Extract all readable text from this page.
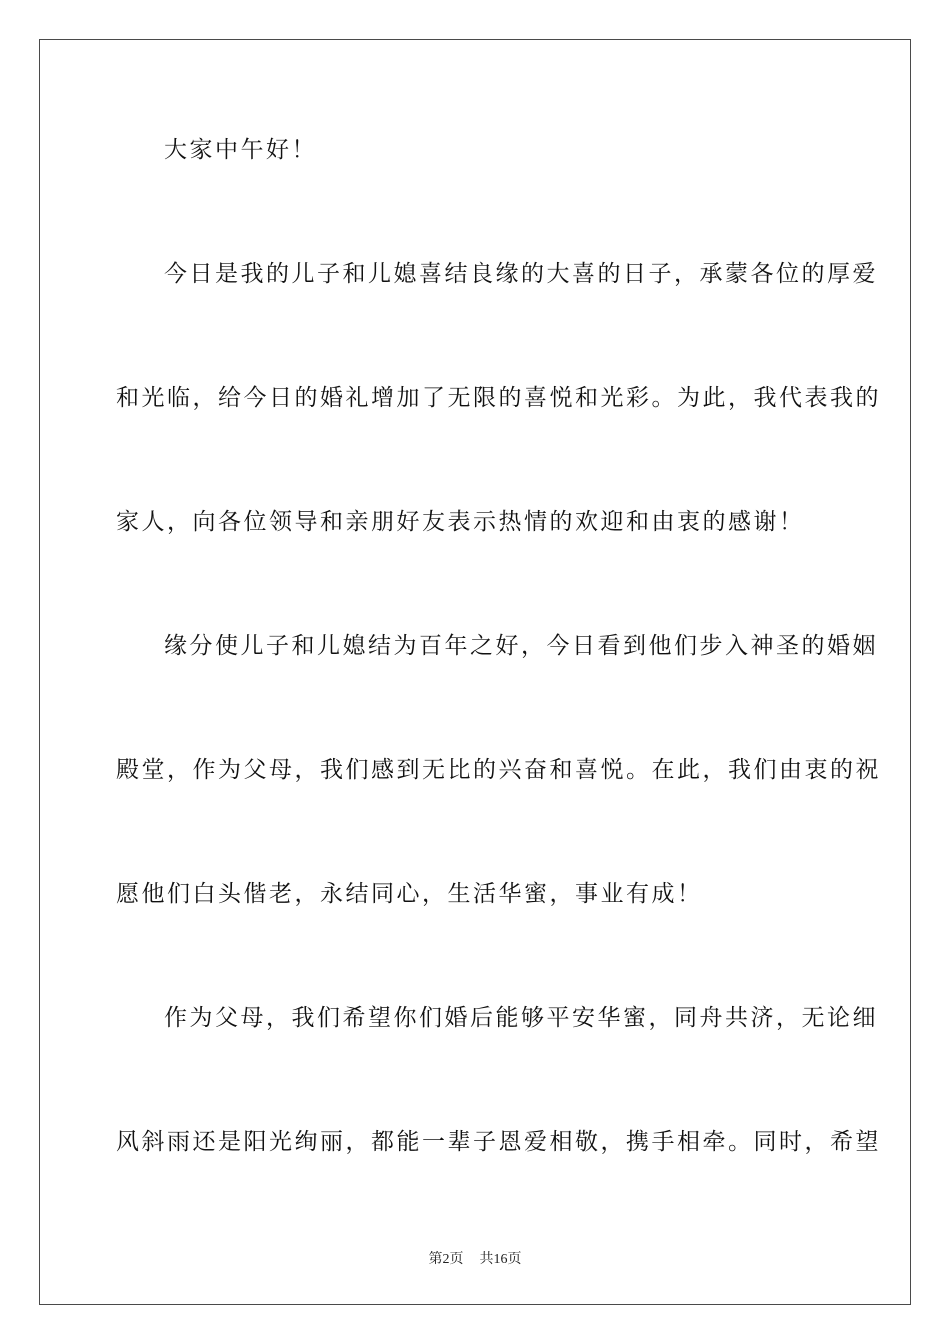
大家中午好！
今日是我的儿子和儿媳喜结良缘的大喜的日子，承蒙各位的厚爱
和光临，给今日的婚礼增加了无限的喜悦和光彩。为此，我代表我的
家人，向各位领导和亲朋好友表示热情的欢迎和由衷的感谢！
缘分使儿子和儿媳结为百年之好，今日看到他们步入神圣的婚姻
殿堂，作为父母，我们感到无比的兴奋和喜悦。在此，我们由衷的祝
愿他们白头偕老，永结同心，生活华蜜，事业有成！
作为父母，我们希望你们婚后能够平安华蜜，同舟共济，无论细
风斜雨还是阳光绚丽，都能一辈子恩爱相敬，携手相牵。同时，希望
第2页 共16页
